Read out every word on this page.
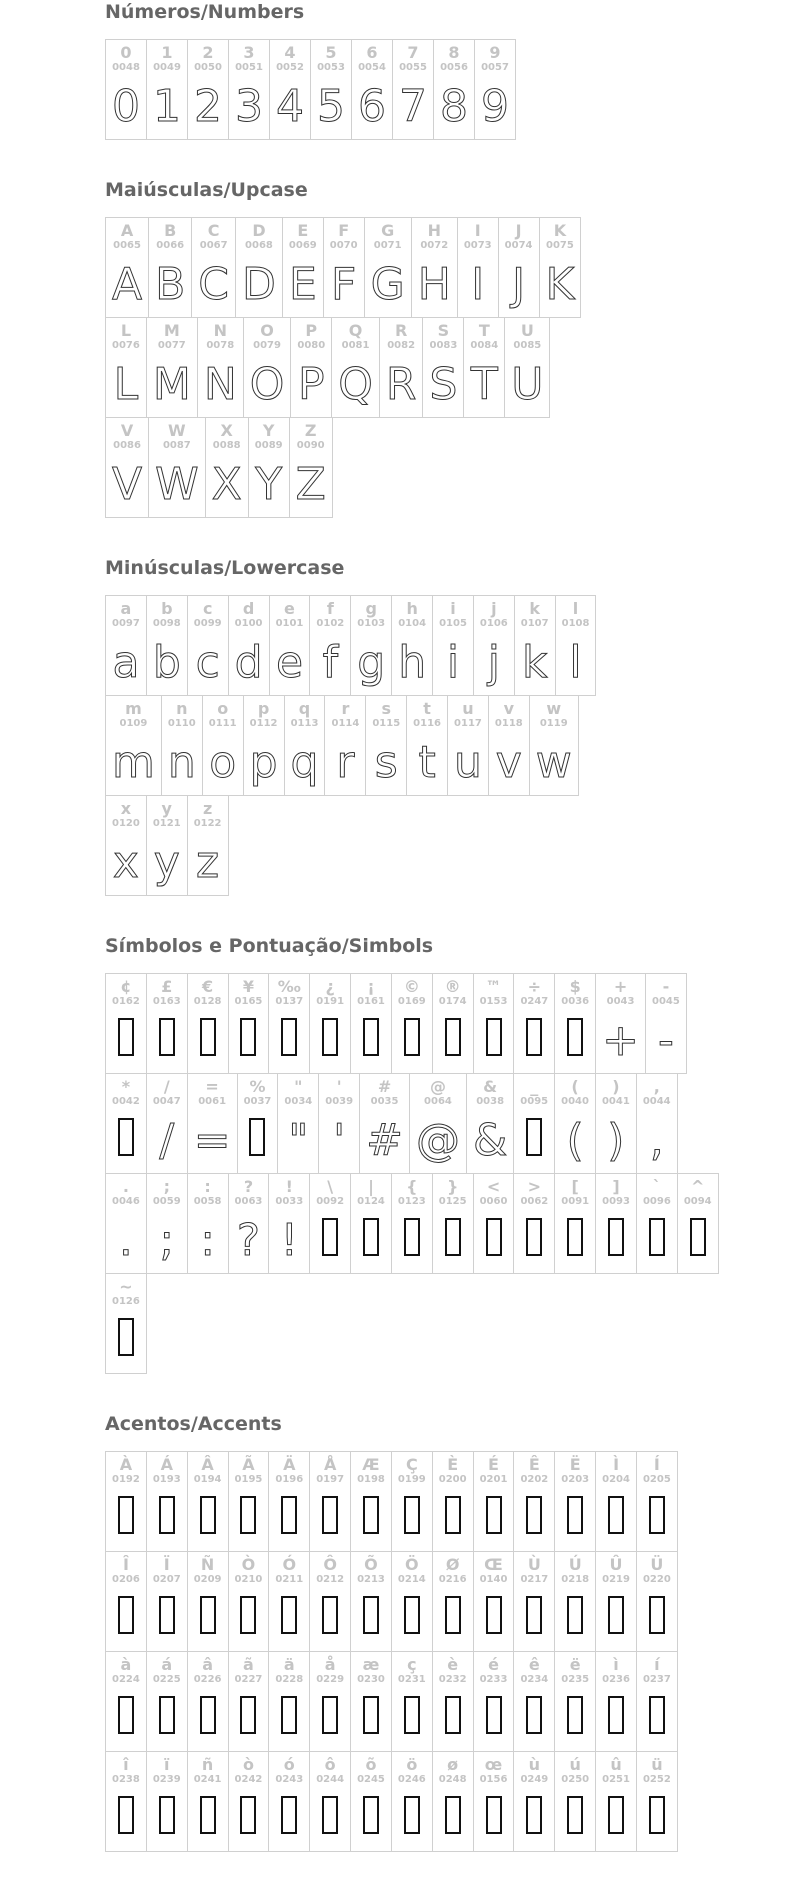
Números/Numbers
0
0048
0
1
0049
1
2
0050
2
3
0051
3
4
0052
4
5
0053
5
6
0054
6
7
0055
7
8
0056
8
9
0057
9
Maiúsculas/Upcase
A
0065
A
B
0066
B
C
0067
C
D
0068
D
E
0069
E
F
0070
F
G
0071
G
H
0072
H
I
0073
I
J
0074
J
K
0075
K
L
0076
L
M
0077
M
N
0078
N
O
0079
O
P
0080
P
Q
0081
Q
R
0082
R
S
0083
S
T
0084
T
U
0085
U
V
0086
V
W
0087
W
X
0088
X
Y
0089
Y
Z
0090
Z
Minúsculas/Lowercase
a
0097
a
b
0098
b
c
0099
c
d
0100
d
e
0101
e
f
0102
f
g
0103
g
h
0104
h
i
0105
i
j
0106
j
k
0107
k
l
0108
l
m
0109
m
n
0110
n
o
0111
o
p
0112
p
q
0113
q
r
0114
r
s
0115
s
t
0116
t
u
0117
u
v
0118
v
w
0119
w
x
0120
x
y
0121
y
z
0122
z
Símbolos e Pontuação/Simbols
¢
0162
£
0163
€
0128
¥
0165
‰
0137
¿
0191
¡
0161
©
0169
®
0174
™
0153
÷
0247
$
0036
+
0043
+
-
0045
-
*
0042
/
0047
/
=
0061
=
%
0037
"
0034
"
'
0039
'
#
0035
#
@
0064
@
&
0038
&
_
0095
(
0040
(
)
0041
)
,
0044
,
.
0046
.
;
0059
;
:
0058
:
?
0063
?
!
0033
!
\
0092
|
0124
{
0123
}
0125
<
0060
>
0062
[
0091
]
0093
`
0096
^
0094
~
0126
Acentos/Accents
À
0192
Á
0193
Â
0194
Ã
0195
Ä
0196
Å
0197
Æ
0198
Ç
0199
È
0200
É
0201
Ê
0202
Ë
0203
Ì
0204
Í
0205
Î
0206
Ï
0207
Ñ
0209
Ò
0210
Ó
0211
Ô
0212
Õ
0213
Ö
0214
Ø
0216
Œ
0140
Ù
0217
Ú
0218
Û
0219
Ü
0220
à
0224
á
0225
â
0226
ã
0227
ä
0228
å
0229
æ
0230
ç
0231
è
0232
é
0233
ê
0234
ë
0235
ì
0236
í
0237
î
0238
ï
0239
ñ
0241
ò
0242
ó
0243
ô
0244
õ
0245
ö
0246
ø
0248
œ
0156
ù
0249
ú
0250
û
0251
ü
0252
